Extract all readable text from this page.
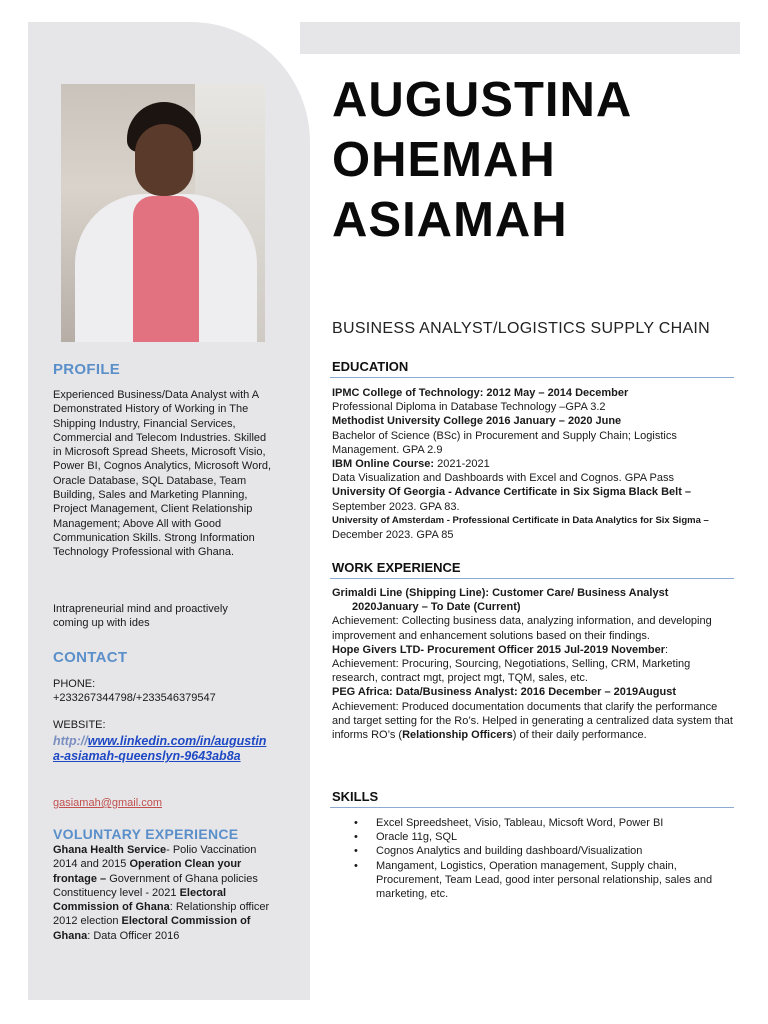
PROFILE
Experienced Business/Data Analyst with A Demonstrated History of Working in The Shipping Industry, Financial Services, Commercial and Telecom Industries. Skilled in Microsoft Spread Sheets, Microsoft Visio, Power BI, Cognos Analytics, Microsoft Word, Oracle Database, SQL Database, Team Building, Sales and Marketing Planning, Project Management, Client Relationship Management; Above All with Good Communication Skills. Strong Information Technology Professional with Ghana.
Intrapreneurial mind and proactively coming up with ides
CONTACT
PHONE:
+233267344798/+233546379547
WEBSITE:
http://www.linkedin.com/in/augustina-asiamah-queenslyn-9643ab8a
gasiamah@gmail.com
VOLUNTARY EXPERIENCE
Ghana Health Service- Polio Vaccination 2014 and 2015 Operation Clean your frontage – Government of Ghana policies Constituency level - 2021 Electoral Commission of Ghana: Relationship officer 2012 election Electoral Commission of Ghana: Data Officer 2016
AUGUSTINA
OHEMAH
ASIAMAH
BUSINESS ANALYST/LOGISTICS SUPPLY CHAIN
EDUCATION
IPMC College of Technology: 2012 May – 2014 December
Professional Diploma in Database Technology –GPA 3.2
Methodist University College 2016 January – 2020 June
Bachelor of Science (BSc) in Procurement and Supply Chain; Logistics Management. GPA 2.9
IBM Online Course: 2021-2021
Data Visualization and Dashboards with Excel and Cognos. GPA Pass
University Of Georgia - Advance Certificate in Six Sigma Black Belt –
September 2023. GPA 83.
University of Amsterdam - Professional Certificate in Data Analytics for Six Sigma –
December 2023. GPA 85
WORK EXPERIENCE
Grimaldi Line (Shipping Line): Customer Care/ Business Analyst
2020January – To Date (Current)
Achievement: Collecting business data, analyzing information, and developing improvement and enhancement solutions based on their findings.
Hope Givers LTD- Procurement Officer 2015 Jul-2019 November:
Achievement: Procuring, Sourcing, Negotiations, Selling, CRM, Marketing research, contract mgt, project mgt, TQM, sales, etc.
PEG Africa: Data/Business Analyst: 2016 December – 2019August
Achievement: Produced documentation documents that clarify the performance and target setting for the Ro’s. Helped in generating a centralized data system that informs RO’s (Relationship Officers) of their daily performance.
SKILLS
• Excel Spreedsheet, Visio, Tableau, Micsoft Word, Power BI
• Oracle 11g, SQL
• Cognos Analytics and building dashboard/Visualization
• Mangament, Logistics, Operation management, Supply chain, Procurement, Team Lead, good inter personal relationship, sales and marketing, etc.
